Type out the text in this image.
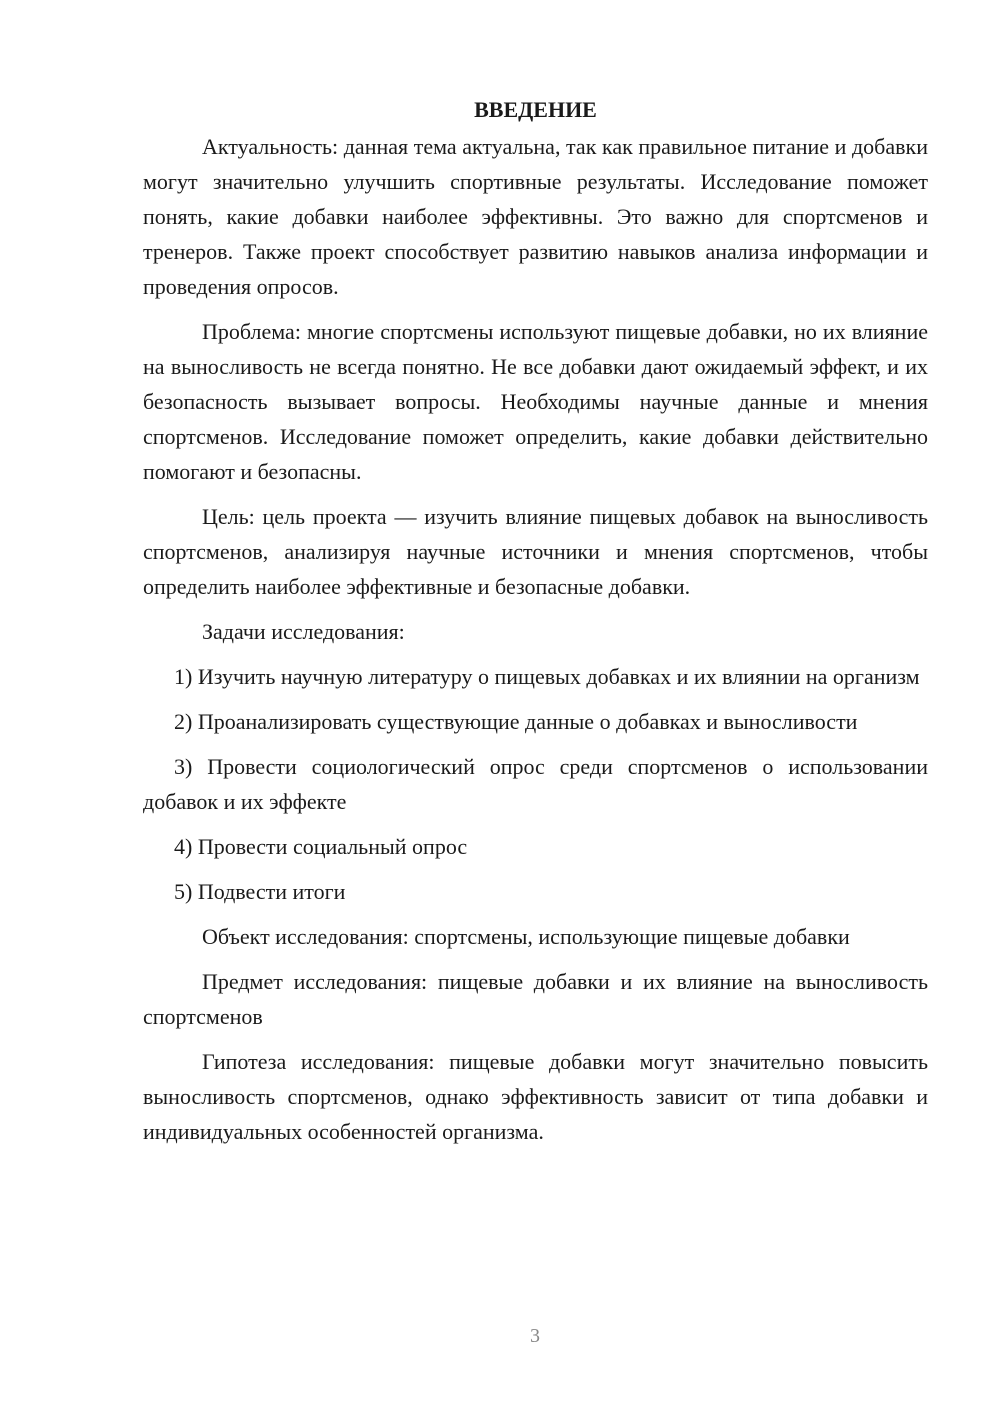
ВВЕДЕНИЕ

Актуальность: данная тема актуальна, так как правильное питание и добавки могут значительно улучшить спортивные результаты. Исследование поможет понять, какие добавки наиболее эффективны. Это важно для спортсменов и тренеров. Также проект способствует развитию навыков анализа информации и проведения опросов.

Проблема: многие спортсмены используют пищевые добавки, но их влияние на выносливость не всегда понятно. Не все добавки дают ожидаемый эффект, и их безопасность вызывает вопросы. Необходимы научные данные и мнения спортсменов. Исследование поможет определить, какие добавки действительно помогают и безопасны.

Цель: цель проекта — изучить влияние пищевых добавок на выносливость спортсменов, анализируя научные источники и мнения спортсменов, чтобы определить наиболее эффективные и безопасные добавки.

Задачи исследования:

1) Изучить научную литературу о пищевых добавках и их влиянии на организм

2) Проанализировать существующие данные о добавках и выносливости

3) Провести социологический опрос среди спортсменов о использовании добавок и их эффекте

4) Провести социальный опрос

5) Подвести итоги

Объект исследования: спортсмены, использующие пищевые добавки

Предмет исследования: пищевые добавки и их влияние на выносливость спортсменов

Гипотеза исследования: пищевые добавки могут значительно повысить выносливость спортсменов, однако эффективность зависит от типа добавки и индивидуальных особенностей организма.

3
